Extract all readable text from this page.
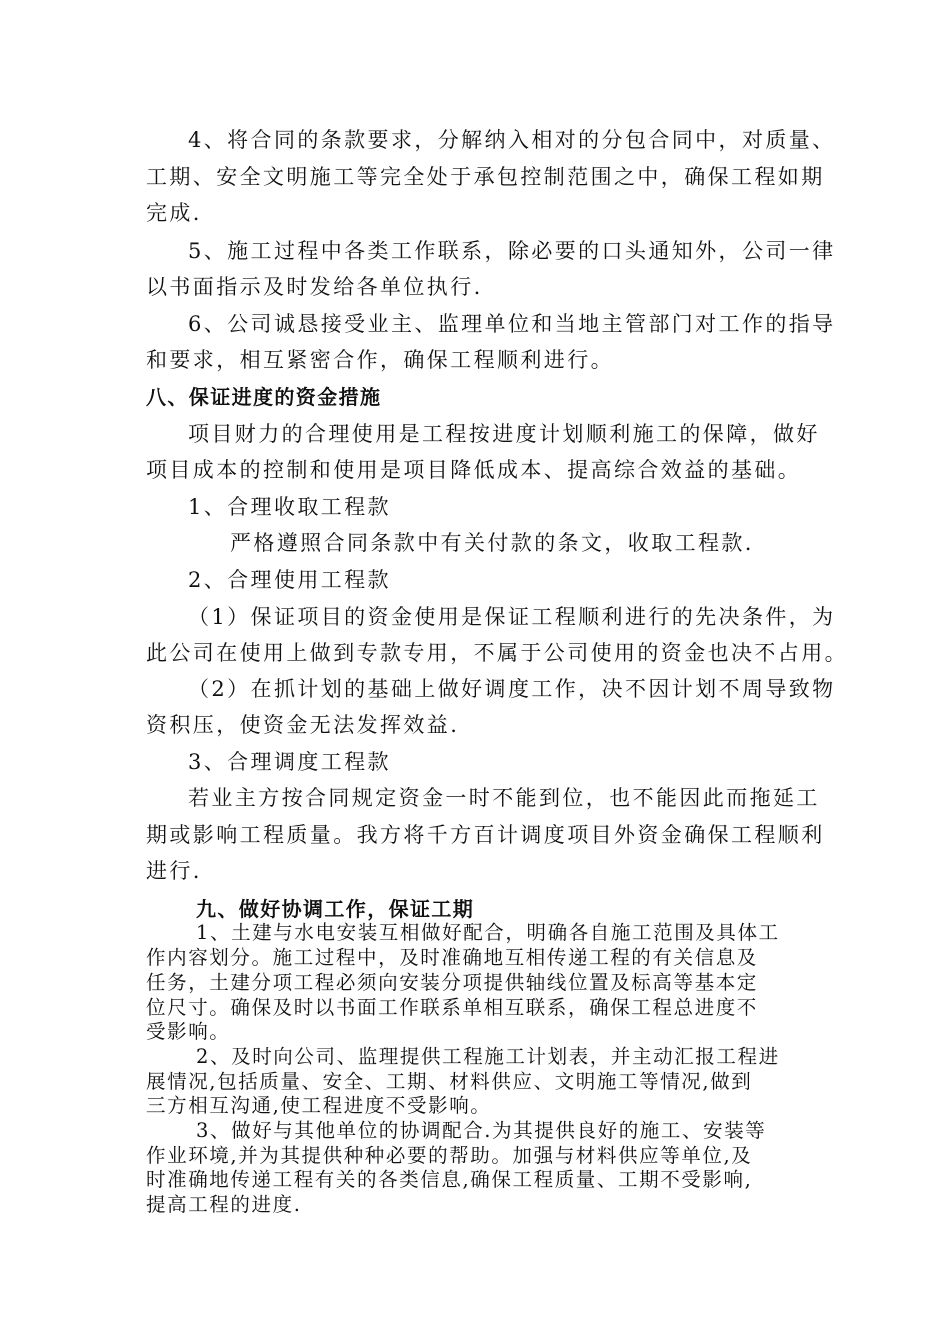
4、将合同的条款要求，分解纳入相对的分包合同中，对质量、
工期、安全文明施工等完全处于承包控制范围之中，确保工程如期
完成.
5、施工过程中各类工作联系，除必要的口头通知外，公司一律
以书面指示及时发给各单位执行.
6、公司诚恳接受业主、监理单位和当地主管部门对工作的指导
和要求，相互紧密合作，确保工程顺利进行。
八、保证进度的资金措施
项目财力的合理使用是工程按进度计划顺利施工的保障，做好
项目成本的控制和使用是项目降低成本、提高综合效益的基础。
1、合理收取工程款
严格遵照合同条款中有关付款的条文，收取工程款.
2、合理使用工程款
（1）保证项目的资金使用是保证工程顺利进行的先决条件，为
此公司在使用上做到专款专用，不属于公司使用的资金也决不占用。
（2）在抓计划的基础上做好调度工作，决不因计划不周导致物
资积压，使资金无法发挥效益.
3、合理调度工程款
若业主方按合同规定资金一时不能到位，也不能因此而拖延工
期或影响工程质量。我方将千方百计调度项目外资金确保工程顺利
进行.
九、做好协调工作，保证工期
1、土建与水电安装互相做好配合，明确各自施工范围及具体工
作内容划分。施工过程中，及时准确地互相传递工程的有关信息及
任务，土建分项工程必须向安装分项提供轴线位置及标高等基本定
位尺寸。确保及时以书面工作联系单相互联系，确保工程总进度不
受影响。
2、及时向公司、监理提供工程施工计划表，并主动汇报工程进
展情况,包括质量、安全、工期、材料供应、文明施工等情况,做到
三方相互沟通,使工程进度不受影响。
3、做好与其他单位的协调配合.为其提供良好的施工、安装等
作业环境,并为其提供种种必要的帮助。加强与材料供应等单位,及
时准确地传递工程有关的各类信息,确保工程质量、工期不受影响,
提高工程的进度.
